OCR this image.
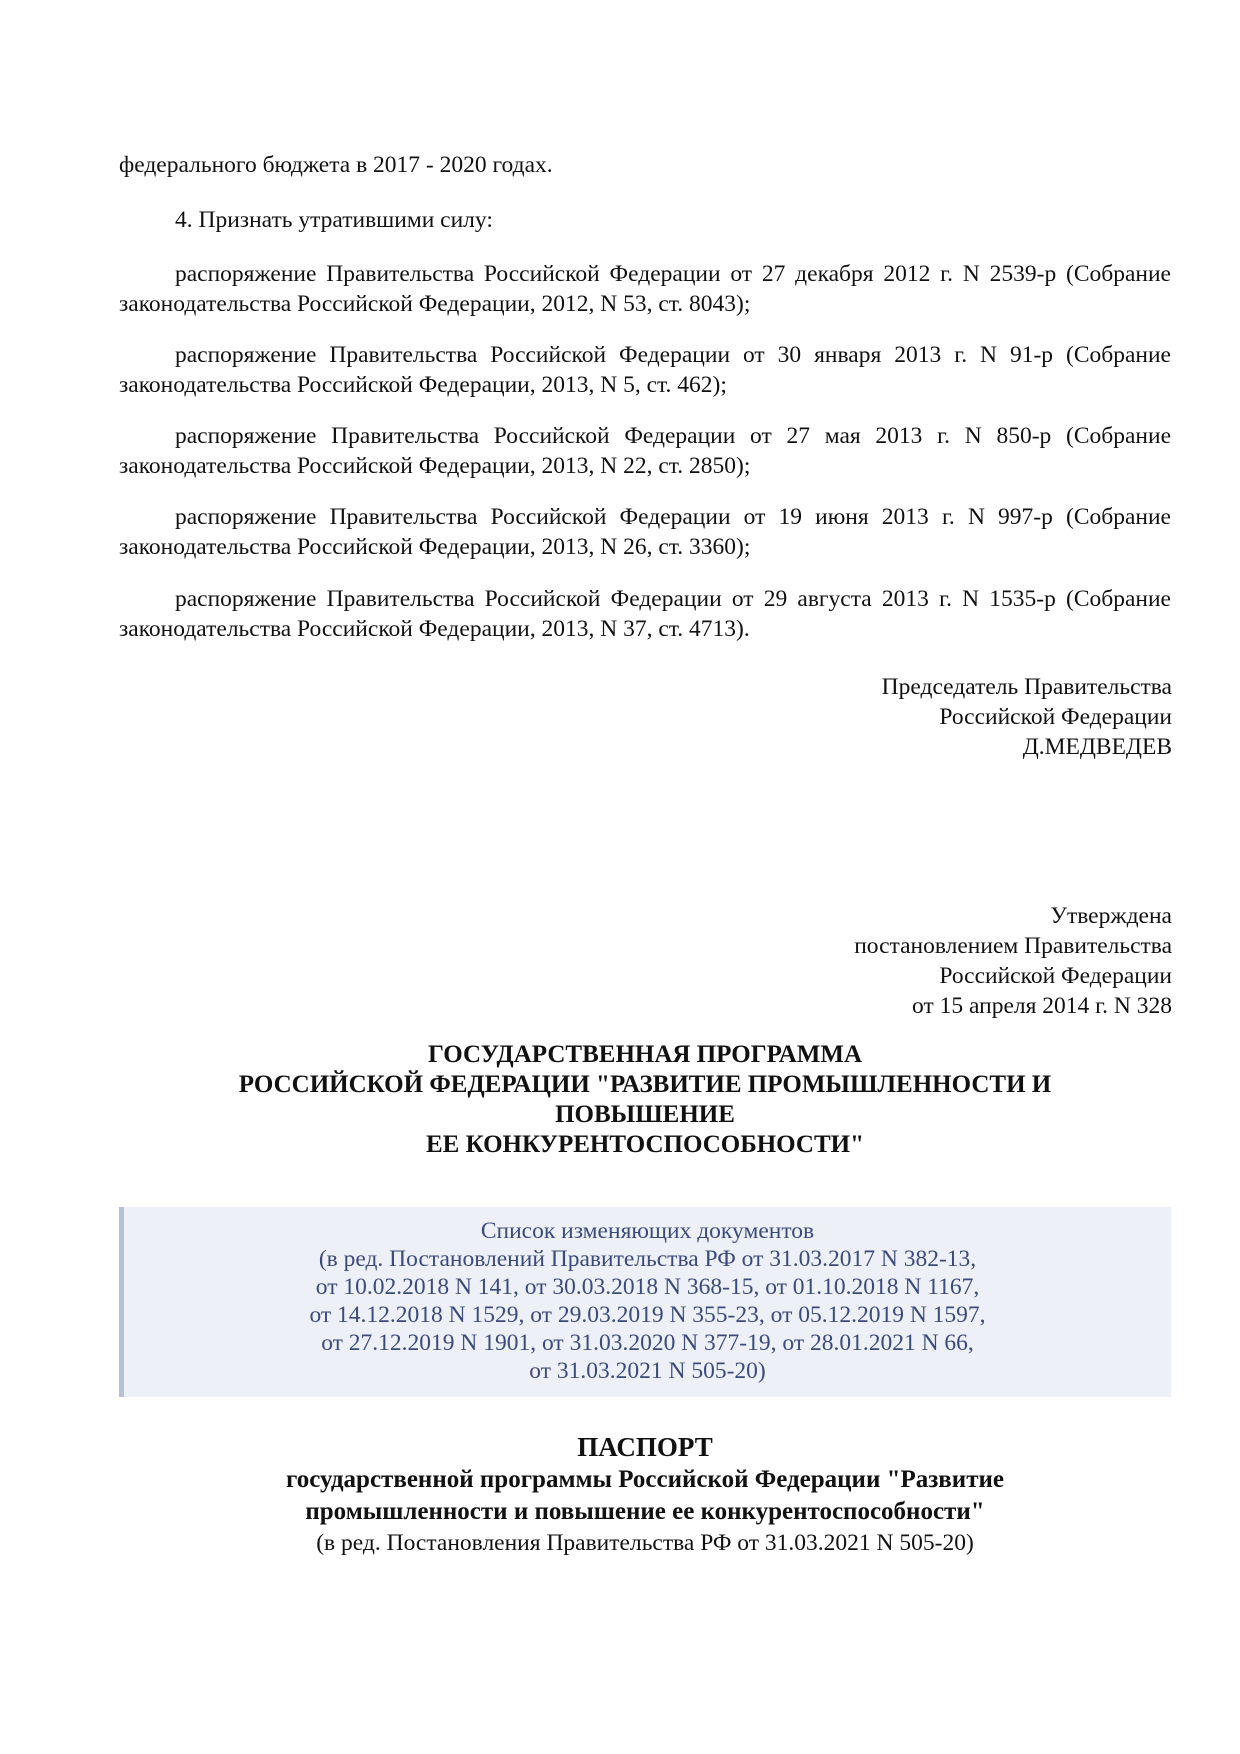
федерального бюджета в 2017 - 2020 годах.

4. Признать утратившими силу:

распоряжение Правительства Российской Федерации от 27 декабря 2012 г. N 2539-р (Собрание законодательства Российской Федерации, 2012, N 53, ст. 8043);

распоряжение Правительства Российской Федерации от 30 января 2013 г. N 91-р (Собрание законодательства Российской Федерации, 2013, N 5, ст. 462);

распоряжение Правительства Российской Федерации от 27 мая 2013 г. N 850-р (Собрание законодательства Российской Федерации, 2013, N 22, ст. 2850);

распоряжение Правительства Российской Федерации от 19 июня 2013 г. N 997-р (Собрание законодательства Российской Федерации, 2013, N 26, ст. 3360);

распоряжение Правительства Российской Федерации от 29 августа 2013 г. N 1535-р (Собрание законодательства Российской Федерации, 2013, N 37, ст. 4713).

Председатель Правительства
Российской Федерации
Д.МЕДВЕДЕВ
Утверждена
постановлением Правительства
Российской Федерации
от 15 апреля 2014 г. N 328
ГОСУДАРСТВЕННАЯ ПРОГРАММА
РОССИЙСКОЙ ФЕДЕРАЦИИ "РАЗВИТИЕ ПРОМЫШЛЕННОСТИ И
ПОВЫШЕНИЕ
ЕЕ КОНКУРЕНТОСПОСОБНОСТИ"
Список изменяющих документов
(в ред. Постановлений Правительства РФ от 31.03.2017 N 382-13,
от 10.02.2018 N 141, от 30.03.2018 N 368-15, от 01.10.2018 N 1167,
от 14.12.2018 N 1529, от 29.03.2019 N 355-23, от 05.12.2019 N 1597,
от 27.12.2019 N 1901, от 31.03.2020 N 377-19, от 28.01.2021 N 66,
от 31.03.2021 N 505-20)
ПАСПОРТ
государственной программы Российской Федерации "Развитие
промышленности и повышение ее конкурентоспособности"
(в ред. Постановления Правительства РФ от 31.03.2021 N 505-20)
